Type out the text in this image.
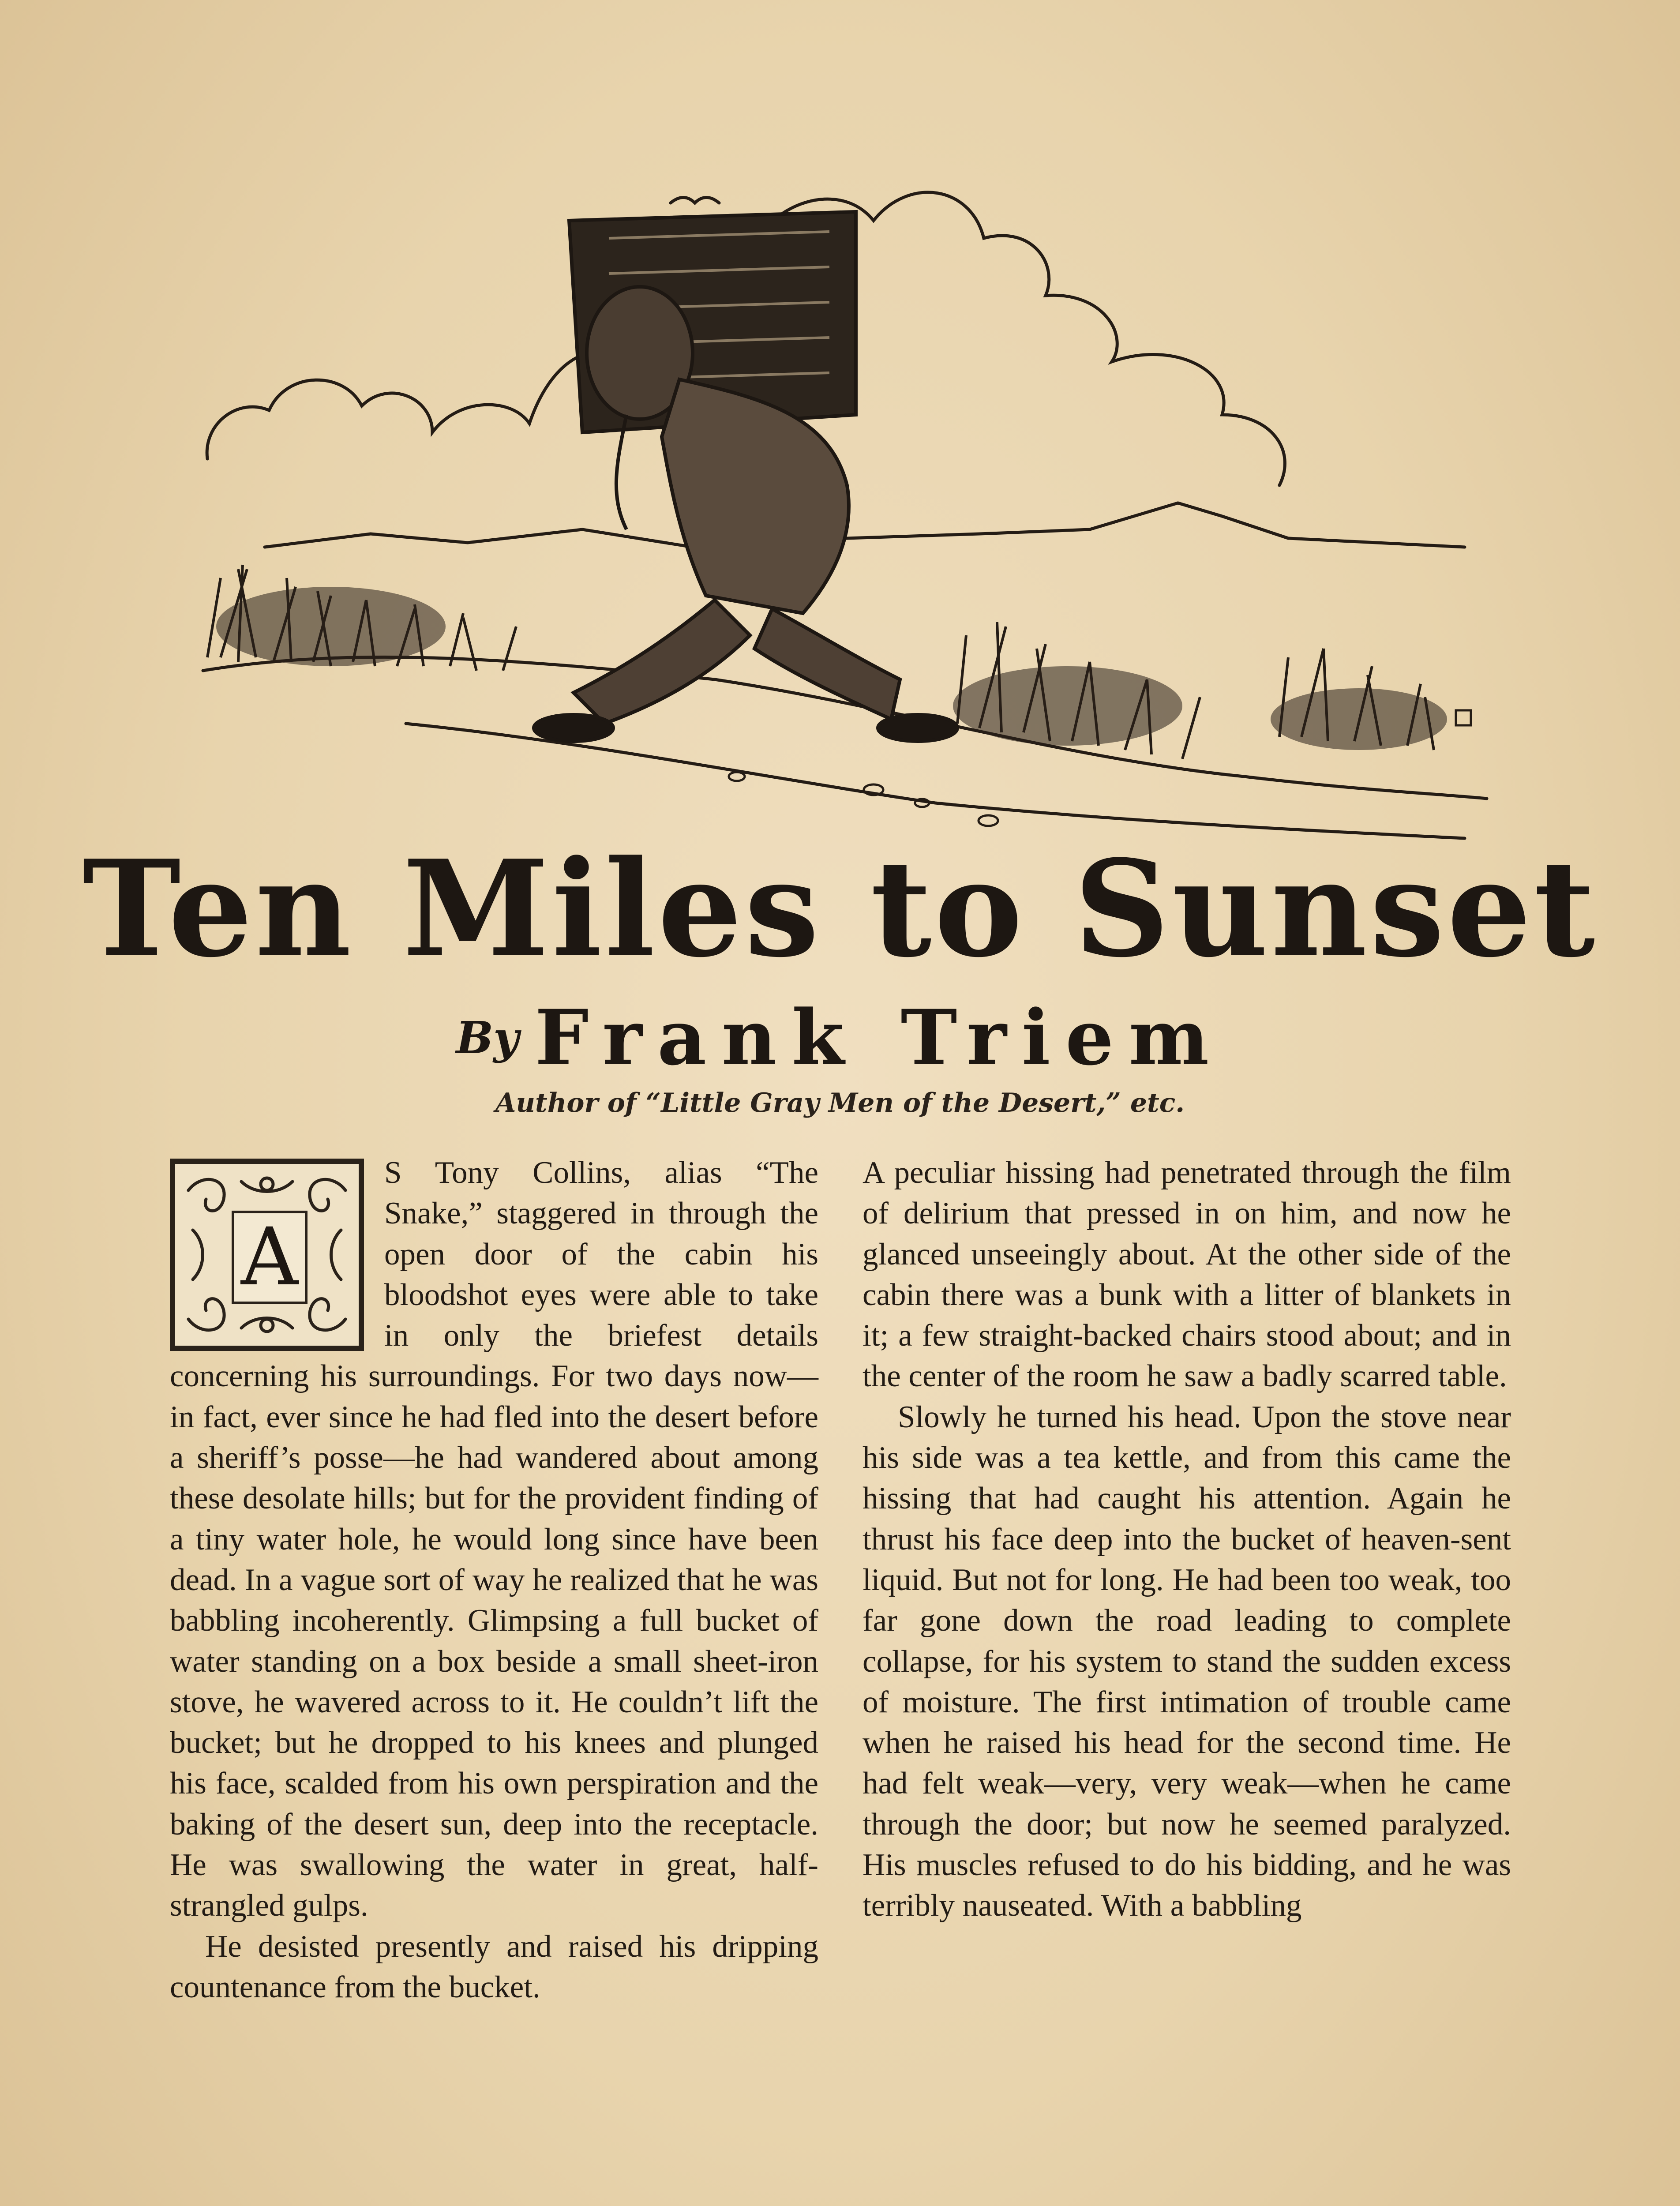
Ten Miles to Sunset
By Frank Triem
Author of “Little Gray Men of the Desert,” etc.
A

S Tony Collins, alias “The Snake,” staggered in through the open door of the cabin his bloodshot eyes were able to take in only the briefest details concerning his surroundings. For two days now—in fact, ever since he had fled into the desert before a sheriff’s posse—he had wandered about among these desolate hills; but for the provident finding of a tiny water hole, he would long since have been dead. In a vague sort of way he realized that he was babbling incoherently. Glimpsing a full bucket of water standing on a box beside a small sheet-iron stove, he wavered across to it. He couldn’t lift the bucket; but he dropped to his knees and plunged his face, scalded from his own perspiration and the baking of the desert sun, deep into the receptacle. He was swallowing the water in great, half-strangled gulps.

He desisted presently and raised his dripping countenance from the bucket.

A peculiar hissing had penetrated through the film of delirium that pressed in on him, and now he glanced unseeingly about. At the other side of the cabin there was a bunk with a litter of blankets in it; a few straight-backed chairs stood about; and in the center of the room he saw a badly scarred table.

Slowly he turned his head. Upon the stove near his side was a tea kettle, and from this came the hissing that had caught his attention. Again he thrust his face deep into the bucket of heaven-sent liquid. But not for long. He had been too weak, too far gone down the road leading to complete collapse, for his system to stand the sudden excess of moisture. The first intimation of trouble came when he raised his head for the second time. He had felt weak—very, very weak—when he came through the door; but now he seemed paralyzed. His muscles refused to do his bidding, and he was terribly nauseated. With a babbling
